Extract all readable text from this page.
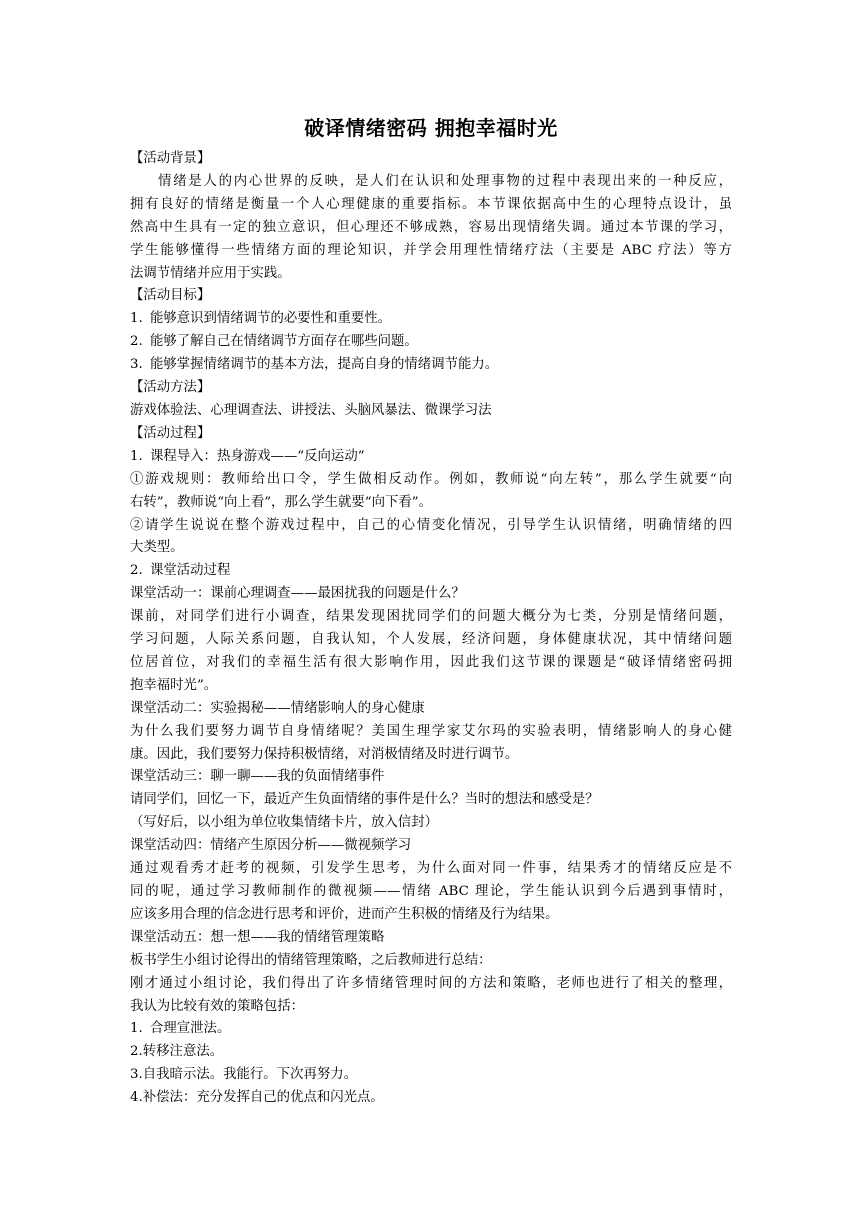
破译情绪密码 拥抱幸福时光
【活动背景】
情绪是人的内心世界的反映，是人们在认识和处理事物的过程中表现出来的一种反应，
拥有良好的情绪是衡量一个人心理健康的重要指标。本节课依据高中生的心理特点设计，虽
然高中生具有一定的独立意识，但心理还不够成熟，容易出现情绪失调。通过本节课的学习，
学生能够懂得一些情绪方面的理论知识，并学会用理性情绪疗法（主要是 ABC 疗法）等方
法调节情绪并应用于实践。
【活动目标】
1. 能够意识到情绪调节的必要性和重要性。
2. 能够了解自己在情绪调节方面存在哪些问题。
3. 能够掌握情绪调节的基本方法，提高自身的情绪调节能力。
【活动方法】
游戏体验法、心理调查法、讲授法、头脑风暴法、微课学习法
【活动过程】
1. 课程导入：热身游戏——“反向运动”
①游戏规则：教师给出口令，学生做相反动作。例如，教师说“向左转”，那么学生就要“向
右转”，教师说“向上看”，那么学生就要“向下看”。
②请学生说说在整个游戏过程中，自己的心情变化情况，引导学生认识情绪，明确情绪的四
大类型。
2. 课堂活动过程
课堂活动一：课前心理调查——最困扰我的问题是什么？
课前，对同学们进行小调查，结果发现困扰同学们的问题大概分为七类，分别是情绪问题，
学习问题，人际关系问题，自我认知，个人发展，经济问题，身体健康状况，其中情绪问题
位居首位，对我们的幸福生活有很大影响作用，因此我们这节课的课题是“破译情绪密码拥
抱幸福时光”。
课堂活动二：实验揭秘——情绪影响人的身心健康
为什么我们要努力调节自身情绪呢？美国生理学家艾尔玛的实验表明，情绪影响人的身心健
康。因此，我们要努力保持积极情绪，对消极情绪及时进行调节。
课堂活动三：聊一聊——我的负面情绪事件
请同学们，回忆一下，最近产生负面情绪的事件是什么？当时的想法和感受是？
（写好后，以小组为单位收集情绪卡片，放入信封）
课堂活动四：情绪产生原因分析——微视频学习
通过观看秀才赶考的视频，引发学生思考，为什么面对同一件事，结果秀才的情绪反应是不
同的呢，通过学习教师制作的微视频——情绪 ABC 理论，学生能认识到今后遇到事情时，
应该多用合理的信念进行思考和评价，进而产生积极的情绪及行为结果。
课堂活动五：想一想——我的情绪管理策略
板书学生小组讨论得出的情绪管理策略，之后教师进行总结：
刚才通过小组讨论，我们得出了许多情绪管理时间的方法和策略，老师也进行了相关的整理，
我认为比较有效的策略包括：
1. 合理宣泄法。
2.转移注意法。
3.自我暗示法。我能行。下次再努力。
4.补偿法：充分发挥自己的优点和闪光点。
